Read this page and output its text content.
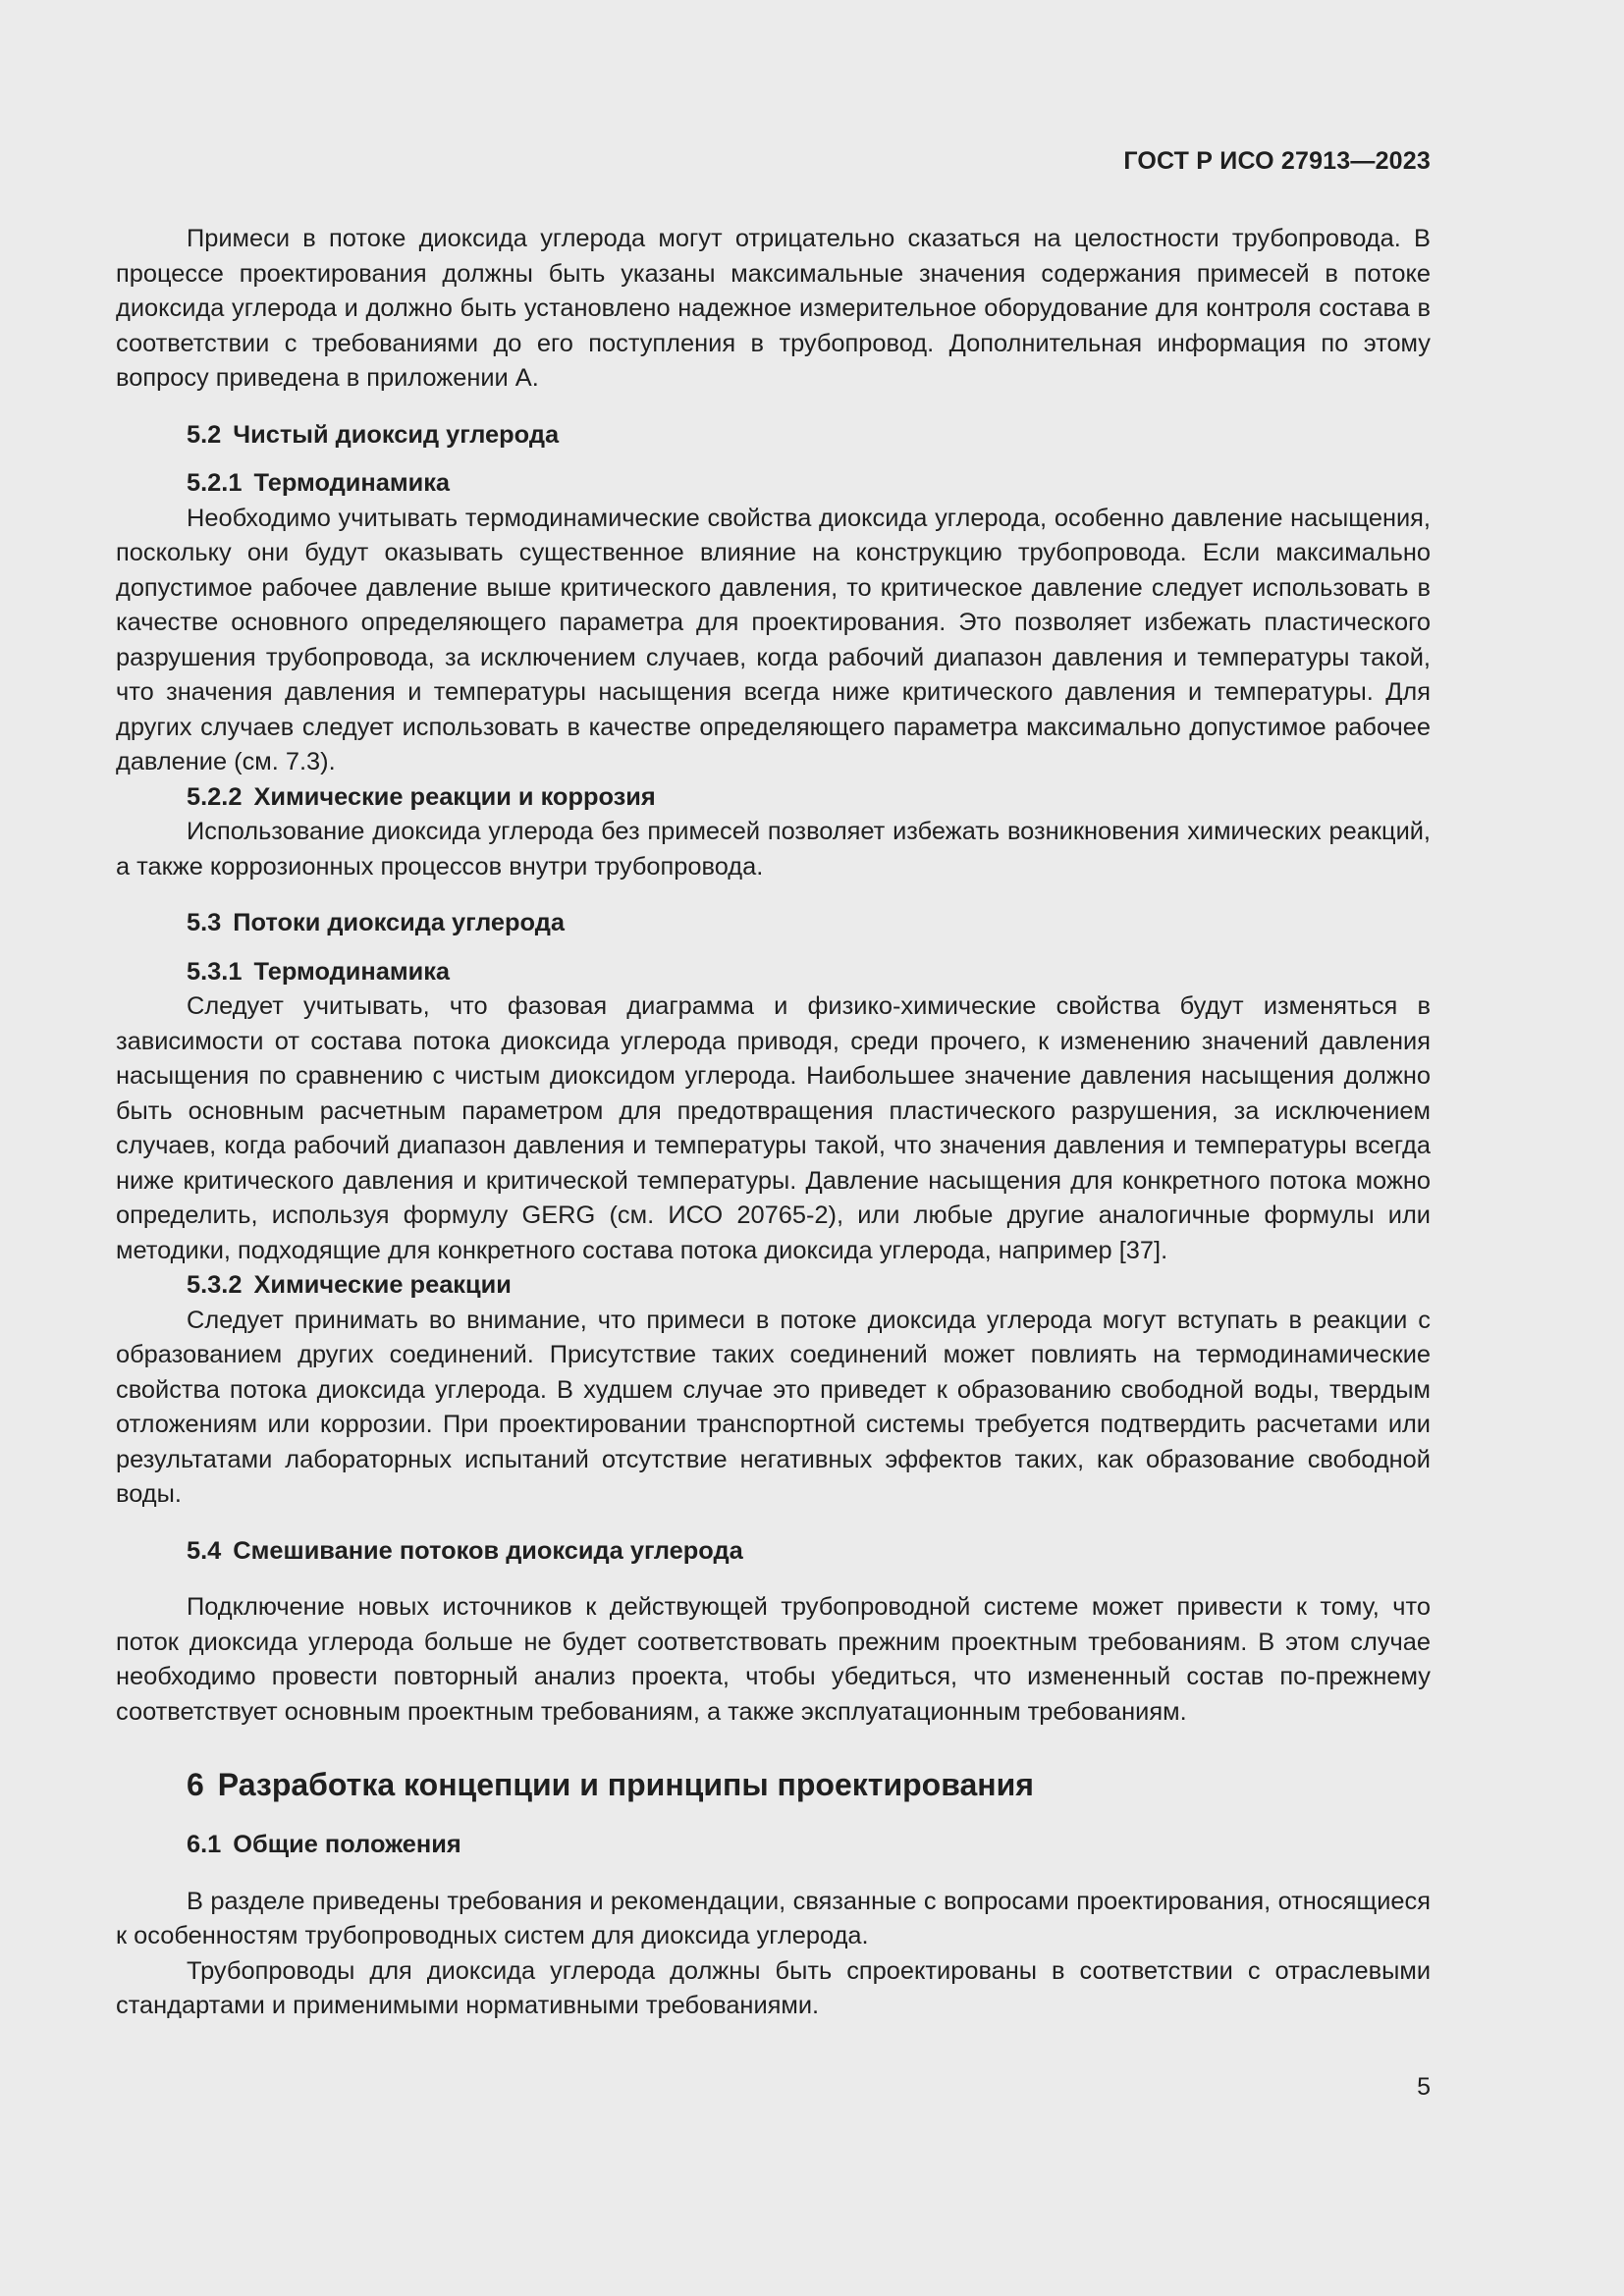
ГОСТ Р ИСО 27913—2023

Примеси в потоке диоксида углерода могут отрицательно сказаться на целостности трубопровода. В процессе проектирования должны быть указаны максимальные значения содержания примесей в потоке диоксида углерода и должно быть установлено надежное измерительное оборудование для контроля состава в соответствии с требованиями до его поступления в трубопровод. Дополнительная информация по этому вопросу приведена в приложении А.

5.2 Чистый диоксид углерода
5.2.1 Термодинамика

Необходимо учитывать термодинамические свойства диоксида углерода, особенно давление насыщения, поскольку они будут оказывать существенное влияние на конструкцию трубопровода. Если максимально допустимое рабочее давление выше критического давления, то критическое давление следует использовать в качестве основного определяющего параметра для проектирования. Это позволяет избежать пластического разрушения трубопровода, за исключением случаев, когда рабочий диапазон давления и температуры такой, что значения давления и температуры насыщения всегда ниже критического давления и температуры. Для других случаев следует использовать в качестве определяющего параметра максимально допустимое рабочее давление (см. 7.3).

5.2.2 Химические реакции и коррозия

Использование диоксида углерода без примесей позволяет избежать возникновения химических реакций, а также коррозионных процессов внутри трубопровода.

5.3 Потоки диоксида углерода
5.3.1 Термодинамика

Следует учитывать, что фазовая диаграмма и физико-химические свойства будут изменяться в зависимости от состава потока диоксида углерода приводя, среди прочего, к изменению значений давления насыщения по сравнению с чистым диоксидом углерода. Наибольшее значение давления насыщения должно быть основным расчетным параметром для предотвращения пластического разрушения, за исключением случаев, когда рабочий диапазон давления и температуры такой, что значения давления и температуры всегда ниже критического давления и критической температуры. Давление насыщения для конкретного потока можно определить, используя формулу GERG (см. ИСО 20765-2), или любые другие аналогичные формулы или методики, подходящие для конкретного состава потока диоксида углерода, например [37].

5.3.2 Химические реакции

Следует принимать во внимание, что примеси в потоке диоксида углерода могут вступать в реакции с образованием других соединений. Присутствие таких соединений может повлиять на термодинамические свойства потока диоксида углерода. В худшем случае это приведет к образованию свободной воды, твердым отложениям или коррозии. При проектировании транспортной системы требуется подтвердить расчетами или результатами лабораторных испытаний отсутствие негативных эффектов таких, как образование свободной воды.

5.4 Смешивание потоков диоксида углерода

Подключение новых источников к действующей трубопроводной системе может привести к тому, что поток диоксида углерода больше не будет соответствовать прежним проектным требованиям. В этом случае необходимо провести повторный анализ проекта, чтобы убедиться, что измененный состав по-прежнему соответствует основным проектным требованиям, а также эксплуатационным требованиям.

6 Разработка концепции и принципы проектирования
6.1 Общие положения

В разделе приведены требования и рекомендации, связанные с вопросами проектирования, относящиеся к особенностям трубопроводных систем для диоксида углерода.

Трубопроводы для диоксида углерода должны быть спроектированы в соответствии с отраслевыми стандартами и применимыми нормативными требованиями.

5
